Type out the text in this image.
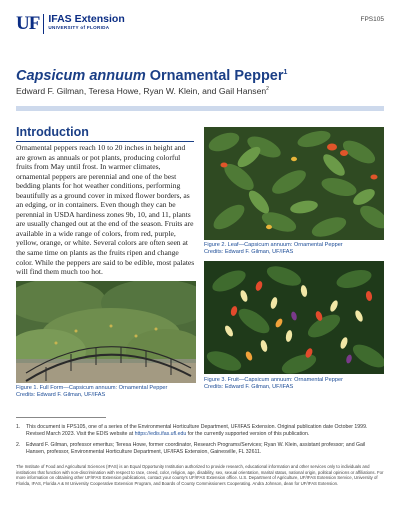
UF IFAS Extension
UNIVERSITY of FLORIDA
FPS105
Capsicum annuum Ornamental Pepper$^1$
Edward F. Gilman, Teresa Howe, Ryan W. Klein, and Gail Hansen$^2$
Introduction
Ornamental peppers reach 10 to 20 inches in height and are grown as annuals or pot plants, producing colorful fruits from May until frost. In warmer climates, ornamental peppers are perennial and one of the best bedding plants for hot weather conditions, performing beautifully as a ground cover in mixed flower borders, as an edging, or in containers. Even though they can be perennial in USDA hardiness zones 9b, 10, and 11, plants are usually changed out at the end of the season. Fruits are available in a wide range of colors, from red, purple, yellow, orange, or white. Several colors are often seen at the same time on plants as the fruits ripen and change color. While the peppers are said to be edible, most palates will find them much too hot.
Figure 1. Full Form—Capsicum annuum: Ornamental Pepper
Credits: Edward F. Gilman, UF/IFAS
Figure 2. Leaf—Capsicum annuum: Ornamental Pepper
Credits: Edward F. Gilman, UF/IFAS
Figure 3. Fruit—Capsicum annuum: Ornamental Pepper
Credits: Edward F. Gilman, UF/IFAS
1. This document is FPS105, one of a series of the Environmental Horticulture Department, UF/IFAS Extension. Original publication date October 1999.
Revised March 2023. Visit the EDIS website at https://edis.ifas.ufl.edu for the currently supported version of this publication.
2. Edward F. Gilman, professor emeritus; Teresa Howe, former coordinator, Research Programs/Services; Ryan W. Klein, assistant professor; and Gail
Hansen, professor, Environmental Horticulture Department, UF/IFAS Extension, Gainesville, FL 32611.
The Institute of Food and Agricultural Sciences (IFAS) is an Equal Opportunity Institution authorized to provide research, educational information and other services only to individuals and institutions that function with non-discrimination with respect to race, creed, color, religion, age, disability, sex, sexual orientation, marital status, national origin, political opinions or affiliations. For more information on obtaining other UF/IFAS Extension publications, contact your county's UF/IFAS Extension office. U.S. Department of Agriculture, UF/IFAS Extension Service, University of Florida, IFAS, Florida A & M University Cooperative Extension Program, and Boards of County Commissioners Cooperating. Andra Johnson, dean for UF/IFAS Extension.
